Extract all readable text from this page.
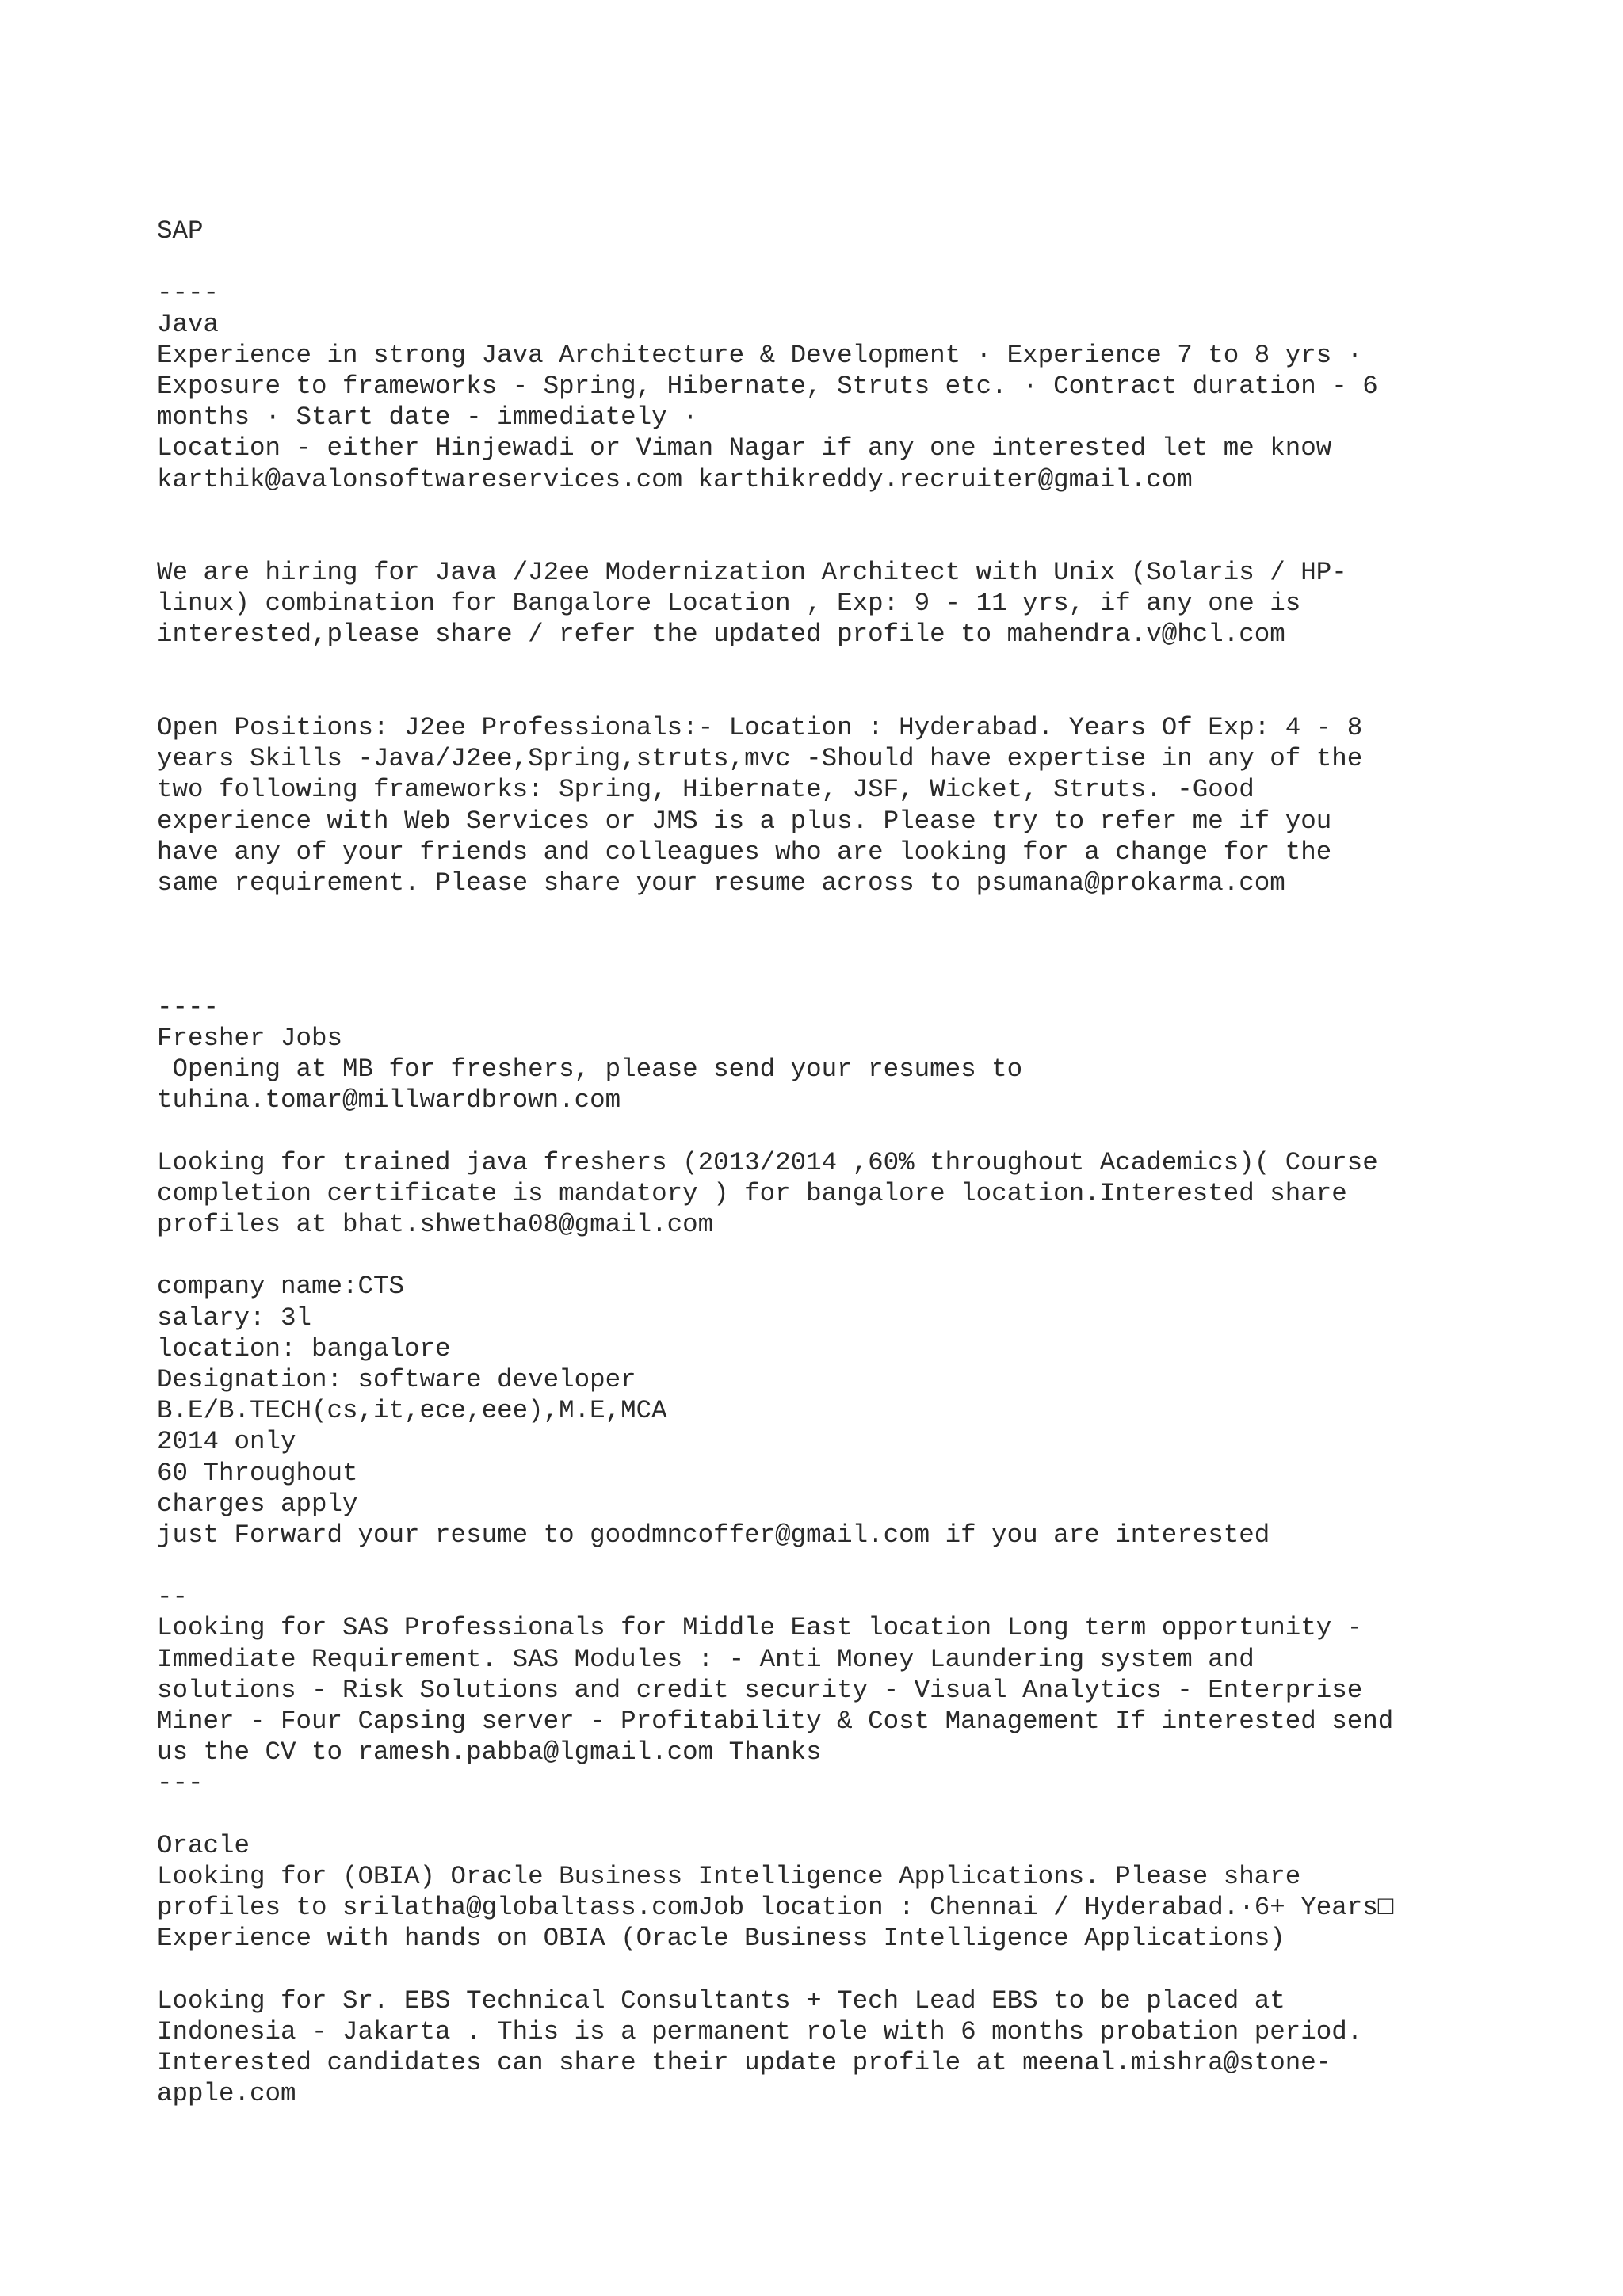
SAP
----
Java
Experience in strong Java Architecture & Development · Experience 7 to 8 yrs ·
Exposure to frameworks - Spring, Hibernate, Struts etc. · Contract duration - 6
months · Start date - immediately ·
Location - either Hinjewadi or Viman Nagar if any one interested let me know
karthik@avalonsoftwareservices.com karthikreddy.recruiter@gmail.com
We are hiring for Java /J2ee Modernization Architect with Unix (Solaris / HP-
linux) combination for Bangalore Location , Exp: 9 - 11 yrs, if any one is
interested,please share / refer the updated profile to mahendra.v@hcl.com
Open Positions: J2ee Professionals:- Location : Hyderabad. Years Of Exp: 4 - 8
years Skills -Java/J2ee,Spring,struts,mvc -Should have expertise in any of the
two following frameworks: Spring, Hibernate, JSF, Wicket, Struts. -Good
experience with Web Services or JMS is a plus. Please try to refer me if you
have any of your friends and colleagues who are looking for a change for the
same requirement. Please share your resume across to psumana@prokarma.com
----
Fresher Jobs
Opening at MB for freshers, please send your resumes to
tuhina.tomar@millwardbrown.com
Looking for trained java freshers (2013/2014 ,60% throughout Academics)( Course
completion certificate is mandatory ) for bangalore location.Interested share
profiles at bhat.shwetha08@gmail.com
company name:CTS
salary: 3l
location: bangalore
Designation: software developer
B.E/B.TECH(cs,it,ece,eee),M.E,MCA
2014 only
60 Throughout
charges apply
just Forward your resume to goodmncoffer@gmail.com if you are interested
--
Looking for SAS Professionals for Middle East location Long term opportunity -
Immediate Requirement. SAS Modules : - Anti Money Laundering system and
solutions - Risk Solutions and credit security - Visual Analytics - Enterprise
Miner - Four Capsing server - Profitability & Cost Management If interested send
us the CV to ramesh.pabba@lgmail.com Thanks
---
Oracle
Looking for (OBIA) Oracle Business Intelligence Applications. Please share
profiles to srilatha@globaltass.comJob location : Chennai / Hyderabad.·6+ Years□
Experience with hands on OBIA (Oracle Business Intelligence Applications)
Looking for Sr. EBS Technical Consultants + Tech Lead EBS to be placed at
Indonesia - Jakarta . This is a permanent role with 6 months probation period.
Interested candidates can share their update profile at meenal.mishra@stone-
apple.com
